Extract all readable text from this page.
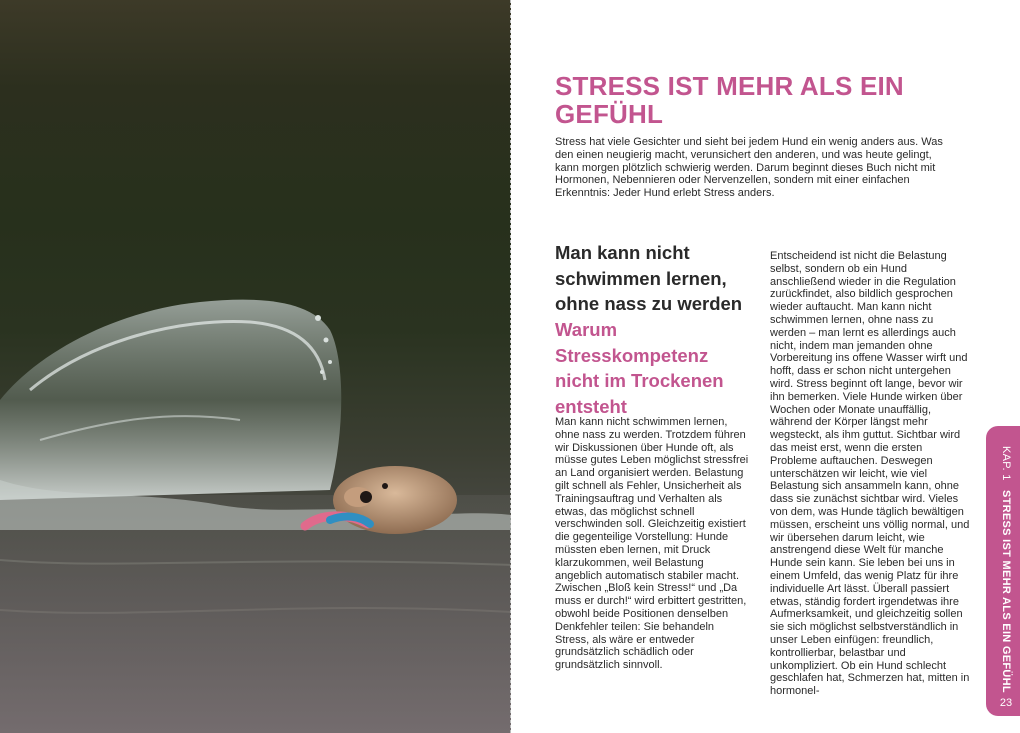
STRESS IST MEHR ALS EIN GEFÜHL

Stress hat viele Gesichter und sieht bei jedem Hund ein wenig anders aus. Was den einen neugierig macht, verunsichert den anderen, und was heute gelingt, kann morgen plötzlich schwierig werden. Darum beginnt dieses Buch nicht mit Hormonen, Nebennieren oder Nervenzellen, sondern mit einer einfachen Erkenntnis: Jeder Hund erlebt Stress anders.

Man kann nicht schwimmen lernen, ohne nass zu werden
Warum Stresskompetenz nicht im Trockenen entsteht

Man kann nicht schwimmen lernen, ohne nass zu werden. Trotzdem führen wir Diskussionen über Hunde oft, als müsse gutes Leben möglichst stressfrei an Land organisiert werden. Belastung gilt schnell als Fehler, Unsicherheit als Trainingsauftrag und Verhalten als etwas, das möglichst schnell verschwinden soll. Gleichzeitig existiert die gegenteilige Vorstellung: Hunde müssten eben lernen, mit Druck klarzukommen, weil Belastung angeblich automatisch stabiler macht. Zwischen „Bloß kein Stress!“ und „Da muss er durch!“ wird erbittert gestritten, obwohl beide Positionen denselben Denkfehler teilen: Sie behandeln Stress, als wäre er entweder grundsätzlich schädlich oder grundsätzlich sinnvoll.

Entscheidend ist nicht die Belastung selbst, sondern ob ein Hund anschließend wieder in die Regulation zurückfindet, also bildlich gesprochen wieder auftaucht. Man kann nicht schwimmen lernen, ohne nass zu werden – man lernt es allerdings auch nicht, indem man jemanden ohne Vorbereitung ins offene Wasser wirft und hofft, dass er schon nicht untergehen wird. Stress beginnt oft lange, bevor wir ihn bemerken. Viele Hunde wirken über Wochen oder Monate unauffällig, während der Körper längst mehr wegsteckt, als ihm guttut. Sichtbar wird das meist erst, wenn die ersten Probleme auftauchen. Deswegen unterschätzen wir leicht, wie viel Belastung sich ansammeln kann, ohne dass sie zunächst sichtbar wird. Vieles von dem, was Hunde täglich bewältigen müssen, erscheint uns völlig normal, und wir übersehen darum leicht, wie anstrengend diese Welt für manche Hunde sein kann. Sie leben bei uns in einem Umfeld, das wenig Platz für ihre individuelle Art lässt. Überall passiert etwas, ständig fordert irgendetwas ihre Aufmerksamkeit, und gleichzeitig sollen sie sich möglichst selbstverständlich in unser Leben einfügen: freundlich, kontrollierbar, belastbar und unkompliziert. Ob ein Hund schlecht geschlafen hat, Schmerzen hat, mitten in hormonel-

KAP. 1 STRESS IST MEHR ALS EIN GEFÜHL
23
